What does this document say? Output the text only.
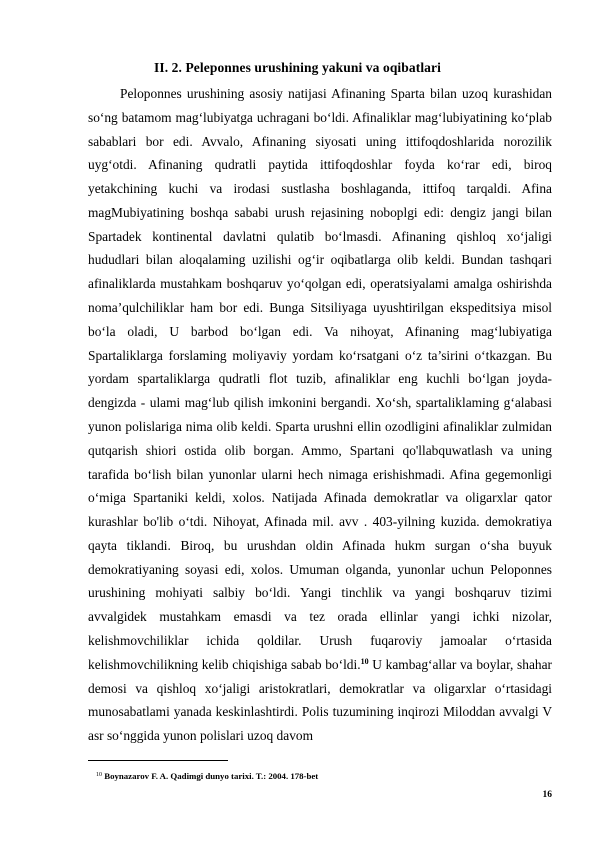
II. 2. Peleponnes urushining yakuni va oqibatlari

Peloponnes urushining asosiy natijasi Afinaning Sparta bilan uzoq kurashidan so‘ng batamom mag‘lubiyatga uchragani bo‘ldi. Afinaliklar mag‘lubiyatining ko‘plab sabablari bor edi. Avvalo, Afinaning siyosati uning ittifoqdoshlarida norozilik uyg‘otdi. Afinaning qudratli paytida ittifoqdoshlar foyda ko‘rar edi, biroq yetakchining kuchi va irodasi sustlasha boshlaganda, ittifoq tarqaldi. Afina magMubiyatining boshqa sababi urush rejasining noboplgi edi: dengiz jangi bilan Spartadek kontinental davlatni qulatib bo‘lmasdi. Afinaning qishloq xo‘jaligi hududlari bilan aloqalaming uzilishi og‘ir oqibatlarga olib keldi. Bundan tashqari afinaliklarda mustahkam boshqaruv yo‘qolgan edi, operatsiyalami amalga oshirishda noma’qulchiliklar ham bor edi. Bunga Sitsiliyaga uyushtirilgan ekspeditsiya misol bo‘la oladi, U barbod bo‘lgan edi. Va nihoyat, Afinaning mag‘lubiyatiga Spartaliklarga forslaming moliyaviy yordam ko‘rsatgani o‘z ta’sirini o‘tkazgan. Bu yordam spartaliklarga qudratli flot tuzib, afinaliklar eng kuchli bo‘lgan joyda- dengizda - ulami mag‘lub qilish imkonini bergandi. Xo‘sh, spartaliklaming g‘alabasi yunon polislariga nima olib keldi. Sparta urushni ellin ozodligini afinaliklar zulmidan qutqarish shiori ostida olib borgan. Ammo, Spartani qo'llabquwatlash va uning tarafida bo‘lish bilan yunonlar ularni hech nimaga erishishmadi. Afina gegemonligi o‘miga Spartaniki keldi, xolos. Natijada Afinada demokratlar va oligarxlar qator kurashlar bo'lib o‘tdi. Nihoyat, Afinada mil. avv . 403-yilning kuzida. demokratiya qayta tiklandi. Biroq, bu urushdan oldin Afinada hukm surgan o‘sha buyuk demokratiyaning soyasi edi, xolos. Umuman olganda, yunonlar uchun Peloponnes urushining mohiyati salbiy bo‘ldi. Yangi tinchlik va yangi boshqaruv tizimi avvalgidek mustahkam emasdi va tez orada ellinlar yangi ichki nizolar, kelishmovchiliklar ichida qoldilar. Urush fuqaroviy jamoalar o‘rtasida kelishmovchilikning kelib chiqishiga sabab bo‘ldi.$^{10}$ U kambag‘allar va boylar, shahar demosi va qishloq xo‘jaligi aristokratlari, demokratlar va oligarxlar o‘rtasidagi munosabatlami yanada keskinlashtirdi. Polis tuzumining inqirozi Miloddan avvalgi V asr so‘nggida yunon polislari uzoq davom

$^{10}$ Boynazarov F. A. Qadimgi dunyo tarixi. T.: 2004. 178-bet
16
